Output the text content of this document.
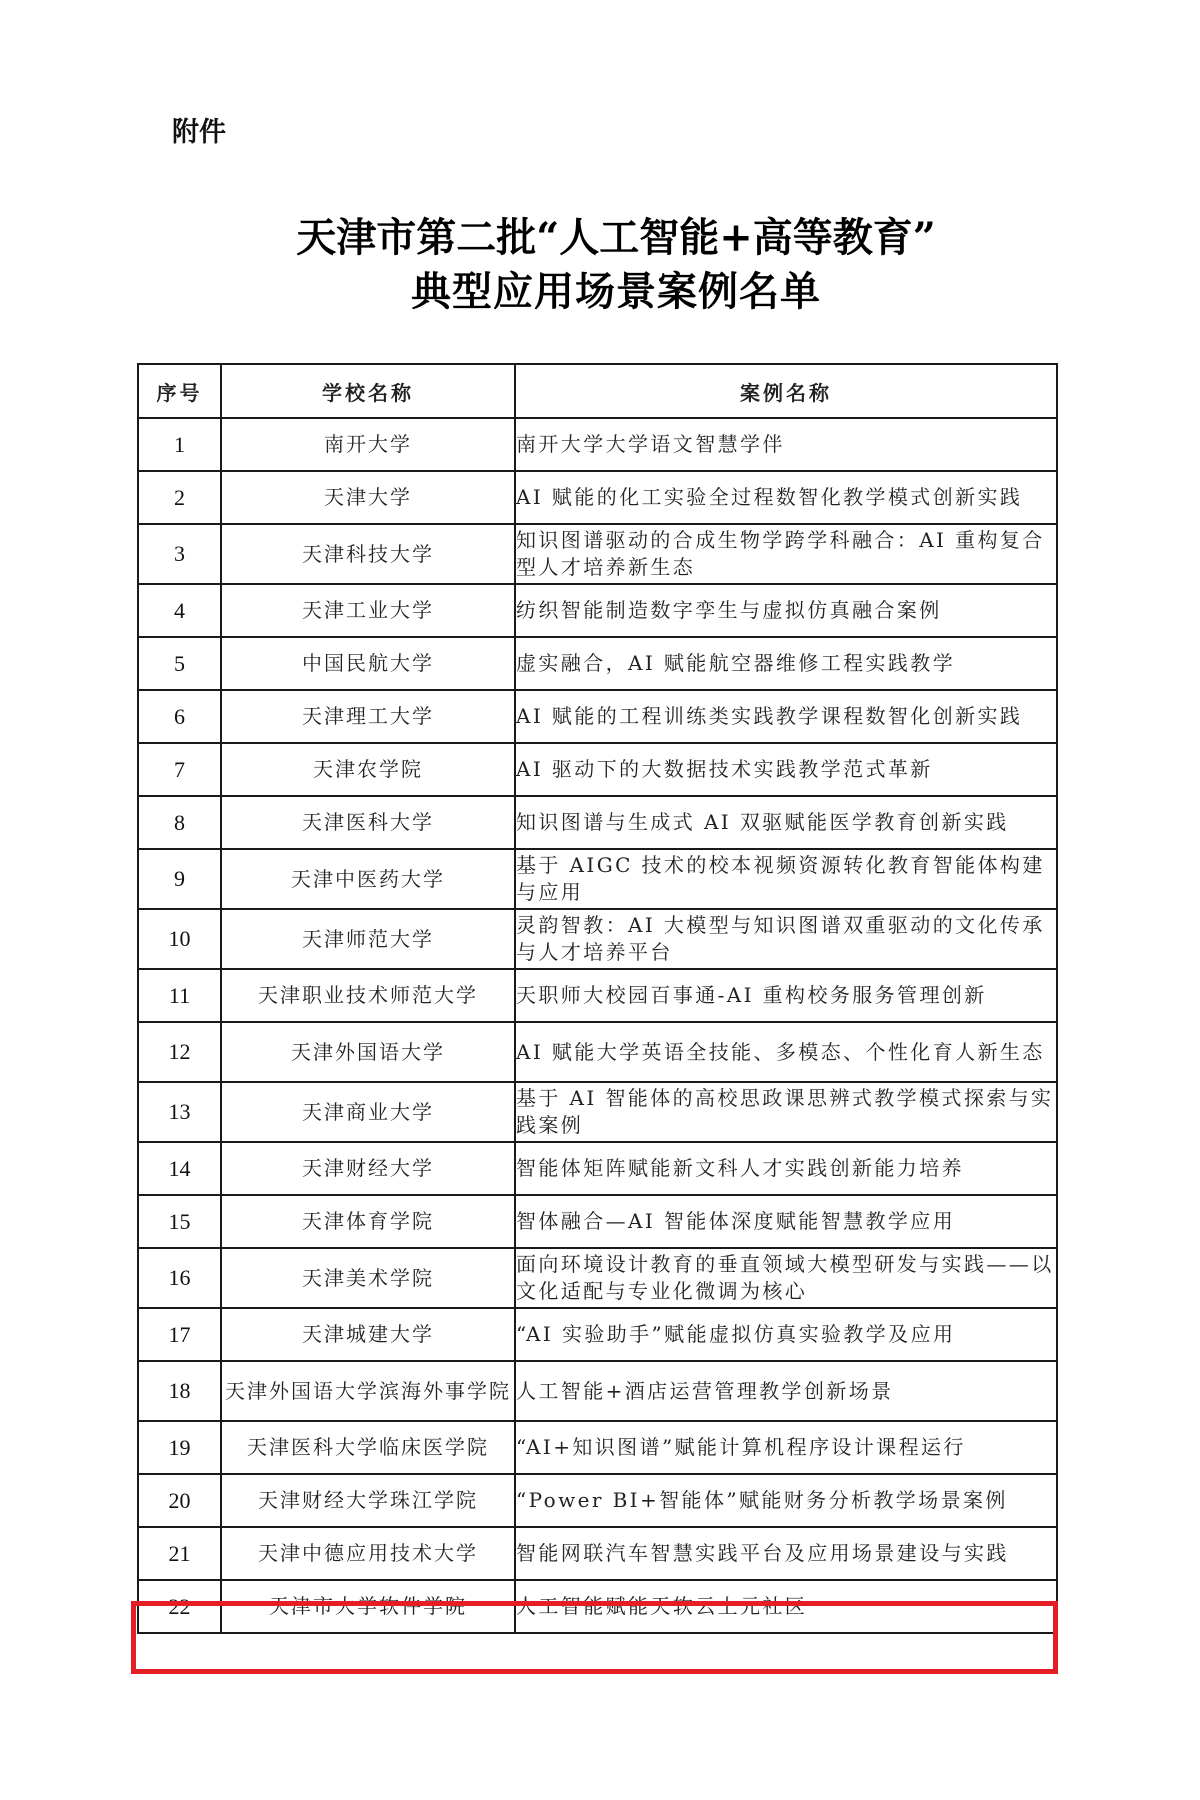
附件
天津市第二批“人工智能+高等教育”
典型应用场景案例名单
序号	学校名称	案例名称
1	南开大学	南开大学大学语文智慧学伴
2	天津大学	AI 赋能的化工实验全过程数智化教学模式创新实践
3	天津科技大学	知识图谱驱动的合成生物学跨学科融合：AI 重构复合型人才培养新生态
4	天津工业大学	纺织智能制造数字孪生与虚拟仿真融合案例
5	中国民航大学	虚实融合，AI 赋能航空器维修工程实践教学
6	天津理工大学	AI 赋能的工程训练类实践教学课程数智化创新实践
7	天津农学院	AI 驱动下的大数据技术实践教学范式革新
8	天津医科大学	知识图谱与生成式 AI 双驱赋能医学教育创新实践
9	天津中医药大学	基于 AIGC 技术的校本视频资源转化教育智能体构建与应用
10	天津师范大学	灵韵智教：AI 大模型与知识图谱双重驱动的文化传承与人才培养平台
11	天津职业技术师范大学	天职师大校园百事通-AI 重构校务服务管理创新
12	天津外国语大学	AI 赋能大学英语全技能、多模态、个性化育人新生态
13	天津商业大学	基于 AI 智能体的高校思政课思辨式教学模式探索与实践案例
14	天津财经大学	智能体矩阵赋能新文科人才实践创新能力培养
15	天津体育学院	智体融合—AI 智能体深度赋能智慧教学应用
16	天津美术学院	面向环境设计教育的垂直领域大模型研发与实践——以文化适配与专业化微调为核心
17	天津城建大学	“AI 实验助手”赋能虚拟仿真实验教学及应用
18	天津外国语大学滨海外事学院	人工智能+酒店运营管理教学创新场景
19	天津医科大学临床医学院	“AI+知识图谱”赋能计算机程序设计课程运行
20	天津财经大学珠江学院	“Power BI+智能体”赋能财务分析教学场景案例
21	天津中德应用技术大学	智能网联汽车智慧实践平台及应用场景建设与实践
22	天津市大学软件学院	人工智能赋能天软云上元社区
